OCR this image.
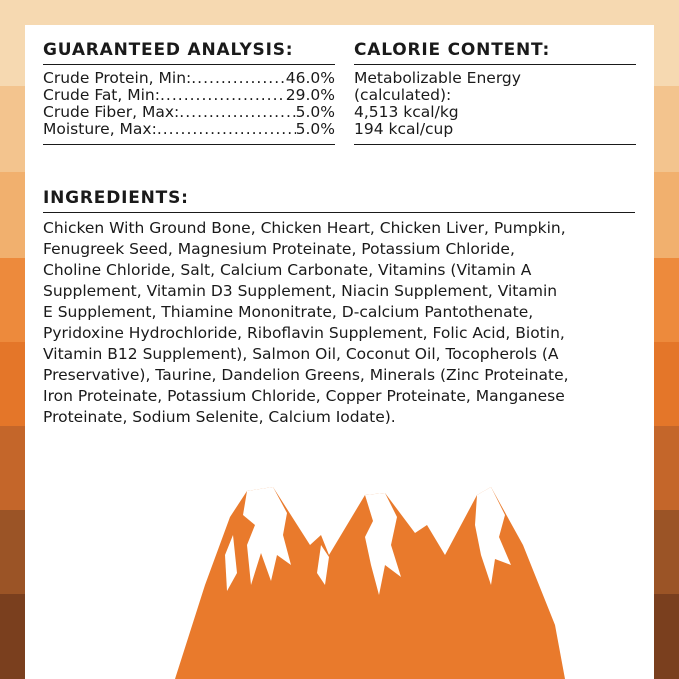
GUARANTEED ANALYSIS:
Crude Protein, Min: .....	46.0%
Crude Fat, Min: .....	29.0%
Crude Fiber, Max: .....	5.0%
Moisture, Max: .....	5.0%
CALORIE CONTENT:
Metabolizable Energy
(calculated):
4,513 kcal/kg
194 kcal/cup
INGREDIENTS:
Chicken With Ground Bone, Chicken Heart, Chicken Liver, Pumpkin,
Fenugreek Seed, Magnesium Proteinate, Potassium Chloride,
Choline Chloride, Salt, Calcium Carbonate, Vitamins (Vitamin A
Supplement, Vitamin D3 Supplement, Niacin Supplement, Vitamin
E Supplement, Thiamine Mononitrate, D-calcium Pantothenate,
Pyridoxine Hydrochloride, Riboflavin Supplement, Folic Acid, Biotin,
Vitamin B12 Supplement), Salmon Oil, Coconut Oil, Tocopherols (A
Preservative), Taurine, Dandelion Greens, Minerals (Zinc Proteinate,
Iron Proteinate, Potassium Chloride, Copper Proteinate, Manganese
Proteinate, Sodium Selenite, Calcium Iodate).
